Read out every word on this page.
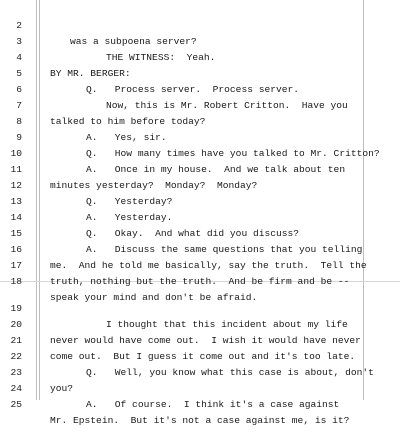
2

was a subpoena server?

3

THE WITNESS:  Yeah.

4

BY MR. BERGER:

5

Q.   Process server.  Process server.

6

Now, this is Mr. Robert Critton.  Have you

7

talked to him before today?

8

A.   Yes, sir.

9

Q.   How many times have you talked to Mr. Critton?

10

A.   Once in my house.  And we talk about ten

11

minutes yesterday?  Monday?  Monday?

12

Q.   Yesterday?

13

A.   Yesterday.

14

Q.   Okay.  And what did you discuss?

15

A.   Discuss the same questions that you telling

16

me.  And he told me basically, say the truth.  Tell the

17

truth, nothing but the truth.  And be firm and be --

18

speak your mind and don't be afraid.

19

I thought that this incident about my life

20

never would have come out.  I wish it would have never

21

come out.  But I guess it come out and it's too late.

22

Q.   Well, you know what this case is about, don't

23

you?

24

A.   Of course.  I think it's a case against

25

Mr. Epstein.  But it's not a case against me, is it?
